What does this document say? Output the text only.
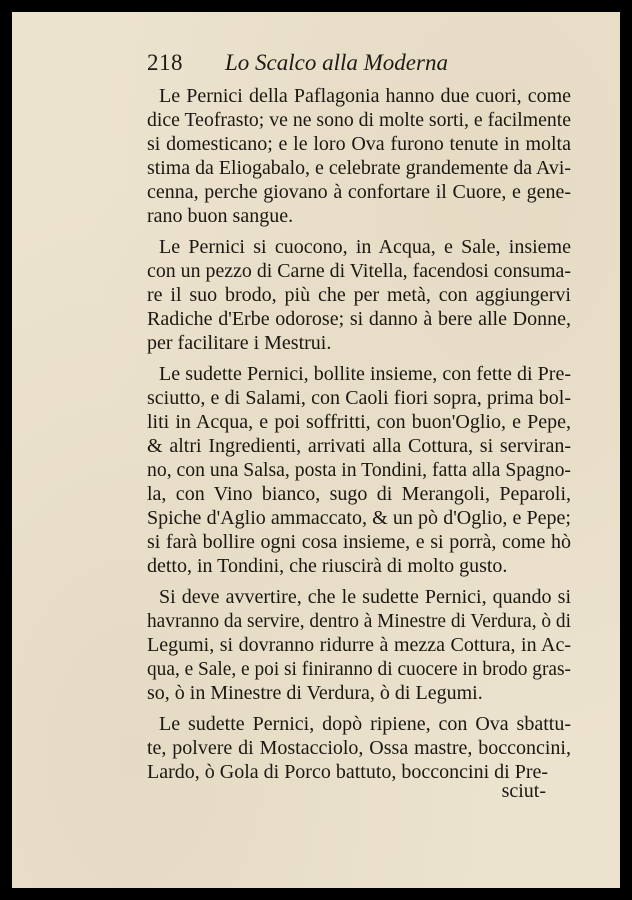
218 Lo Scalco alla Moderna
Le Pernici della Paflagonia hanno due cuori, come
dice Teofrasto; ve ne sono di molte sorti, e facilmente
si domesticano; e le loro Ova furono tenute in molta
stima da Eliogabalo, e celebrate grandemente da Avi-
cenna, perche giovano à confortare il Cuore, e gene-
rano buon sangue.
Le Pernici si cuocono, in Acqua, e Sale, insieme
con un pezzo di Carne di Vitella, facendosi consuma-
re il suo brodo, più che per metà, con aggiungervi
Radiche d'Erbe odorose; si danno à bere alle Donne,
per facilitare i Mestrui.
Le sudette Pernici, bollite insieme, con fette di Pre-
sciutto, e di Salami, con Caoli fiori sopra, prima bol-
liti in Acqua, e poi soffritti, con buon'Oglio, e Pepe,
& altri Ingredienti, arrivati alla Cottura, si serviran-
no, con una Salsa, posta in Tondini, fatta alla Spagno-
la, con Vino bianco, sugo di Merangoli, Peparoli,
Spiche d'Aglio ammaccato, & un pò d'Oglio, e Pepe;
si farà bollire ogni cosa insieme, e si porrà, come hò
detto, in Tondini, che riuscirà di molto gusto.
Si deve avvertire, che le sudette Pernici, quando si
havranno da servire, dentro à Minestre di Verdura, ò di
Legumi, si dovranno ridurre à mezza Cottura, in Ac-
qua, e Sale, e poi si finiranno di cuocere in brodo gras-
so, ò in Minestre di Verdura, ò di Legumi.
Le sudette Pernici, dopò ripiene, con Ova sbattu-
te, polvere di Mostacciolo, Ossa mastre, bocconcini,
Lardo, ò Gola di Porco battuto, bocconcini di Pre-
sciut-
